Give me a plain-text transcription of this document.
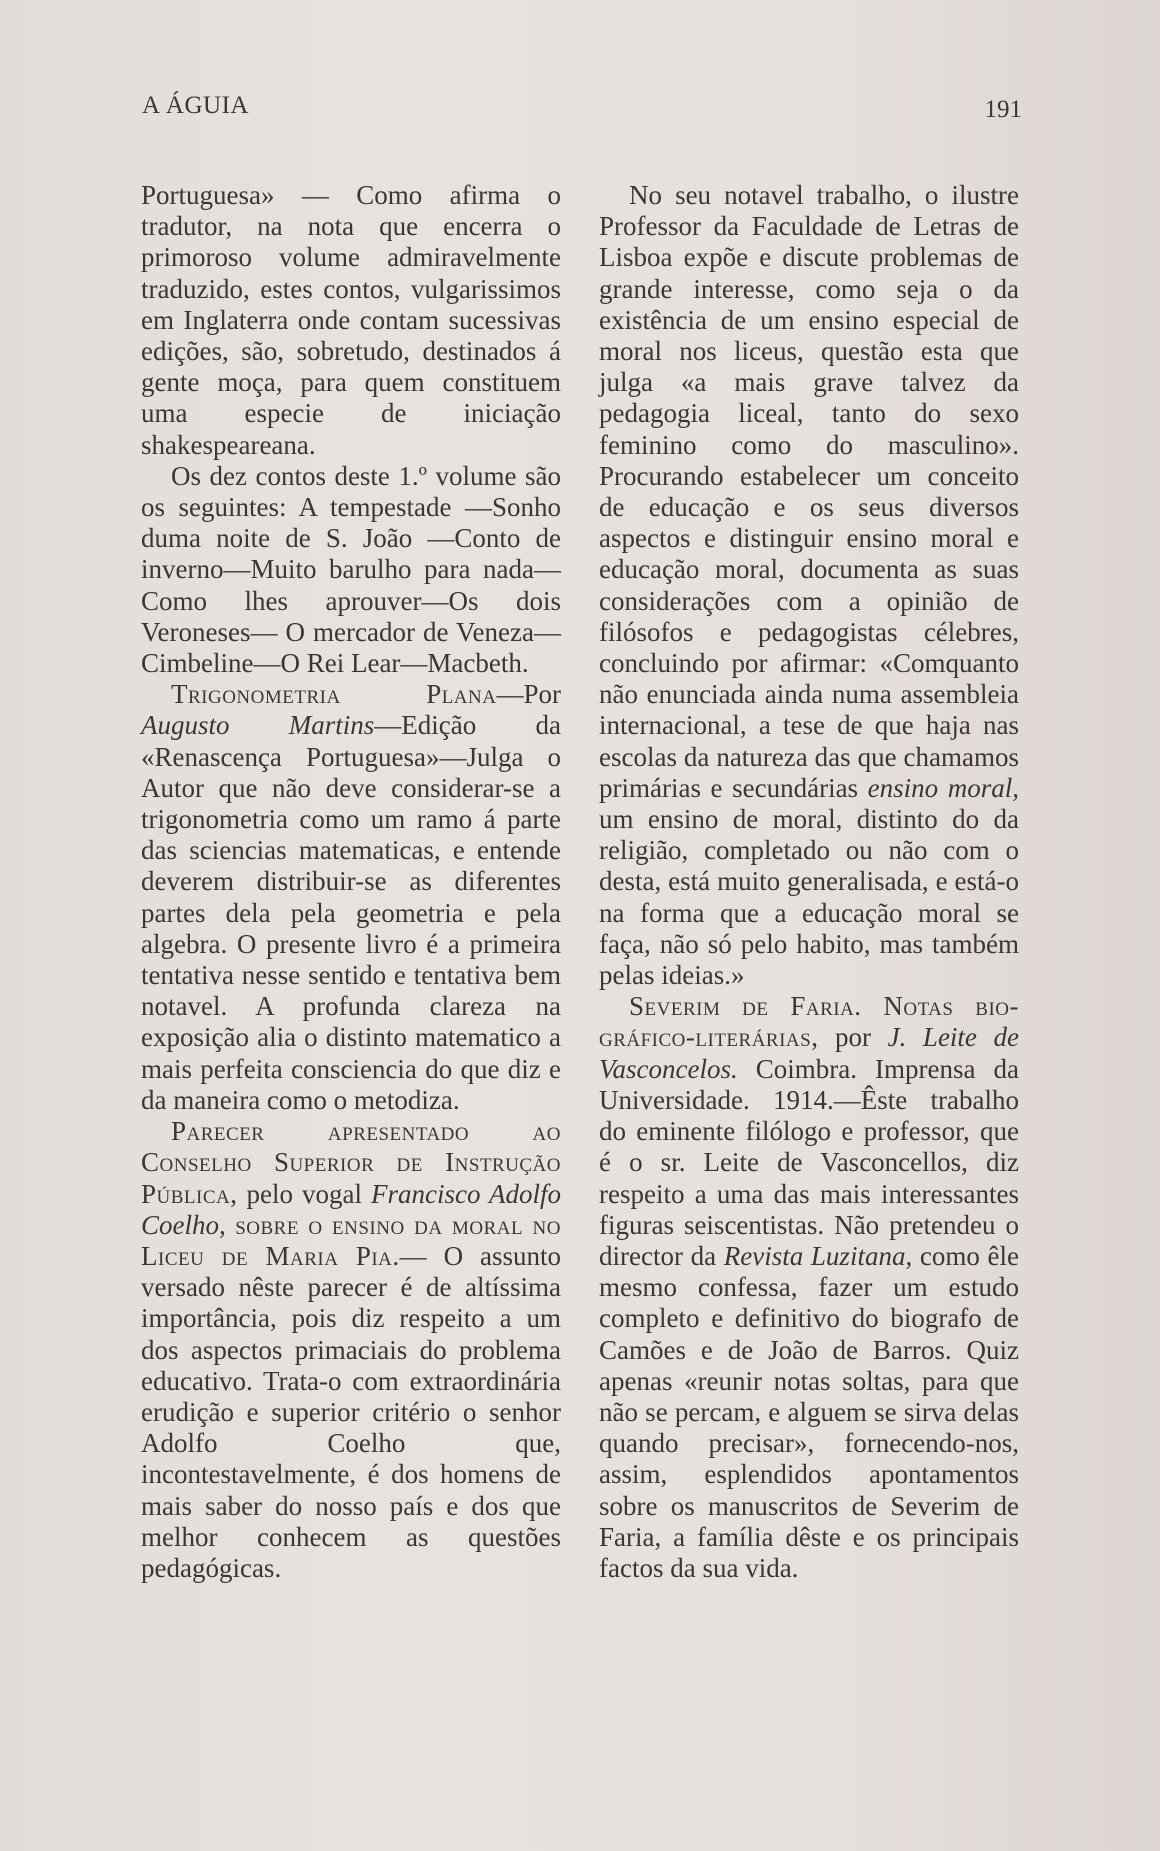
A ÁGUIA	191

Portuguesa» — Como afirma o tradutor, na nota que encerra o primoroso volume admiravelmente traduzido, estes contos, vulgarissimos em Inglaterra onde contam sucessivas edições, são, sobretudo, destinados á gente moça, para quem constituem uma especie de iniciação shakespeareana.

Os dez contos deste 1.º volume são os seguintes: A tempestade —Sonho duma noite de S. João —Conto de inverno—Muito barulho para nada—Como lhes aprouver—Os dois Veroneses— O mercador de Veneza—Cimbeline—O Rei Lear—Macbeth.

Trigonometria Plana—Por Augusto Martins—Edição da «Renascença Portuguesa»—Julga o Autor que não deve considerar-se a trigonometria como um ramo á parte das sciencias matematicas, e entende deverem distribuir-se as diferentes partes dela pela geometria e pela algebra. O presente livro é a primeira tentativa nesse sentido e tentativa bem notavel. A profunda clareza na exposição alia o distinto matematico a mais perfeita consciencia do que diz e da maneira como o metodiza.

Parecer apresentado ao Conselho Superior de Instrução Pública, pelo vogal Francisco Adolfo Coelho, sobre o ensino da moral no Liceu de Maria Pia.— O assunto versado nêste parecer é de altíssima importância, pois diz respeito a um dos aspectos primaciais do problema educativo. Trata-o com extraordinária erudição e superior critério o senhor Adolfo Coelho que, incontestavelmente, é dos homens de mais saber do nosso país e dos que melhor conhecem as questões pedagógicas.

No seu notavel trabalho, o ilustre Professor da Faculdade de Letras de Lisboa expõe e discute problemas de grande interesse, como seja o da existência de um ensino especial de moral nos liceus, questão esta que julga «a mais grave talvez da pedagogia liceal, tanto do sexo feminino como do masculino». Procurando estabelecer um conceito de educação e os seus diversos aspectos e distinguir ensino moral e educação moral, documenta as suas considerações com a opinião de filósofos e pedagogistas célebres, concluindo por afirmar: «Comquanto não enunciada ainda numa assembleia internacional, a tese de que haja nas escolas da natureza das que chamamos primárias e secundárias ensino moral, um ensino de moral, distinto do da religião, completado ou não com o desta, está muito generalisada, e está-o na forma que a educação moral se faça, não só pelo habito, mas também pelas ideias.»

Severim de Faria. Notas bio-gráfico-literárias, por J. Leite de Vasconcelos. Coimbra. Imprensa da Universidade. 1914.—Êste trabalho do eminente filólogo e professor, que é o sr. Leite de Vasconcellos, diz respeito a uma das mais interessantes figuras seiscentistas. Não pretendeu o director da Revista Luzitana, como êle mesmo confessa, fazer um estudo completo e definitivo do biografo de Camões e de João de Barros. Quiz apenas «reunir notas soltas, para que não se percam, e alguem se sirva delas quando precisar», fornecendo-nos, assim, esplendidos apontamentos sobre os manuscritos de Severim de Faria, a família dêste e os principais factos da sua vida.
